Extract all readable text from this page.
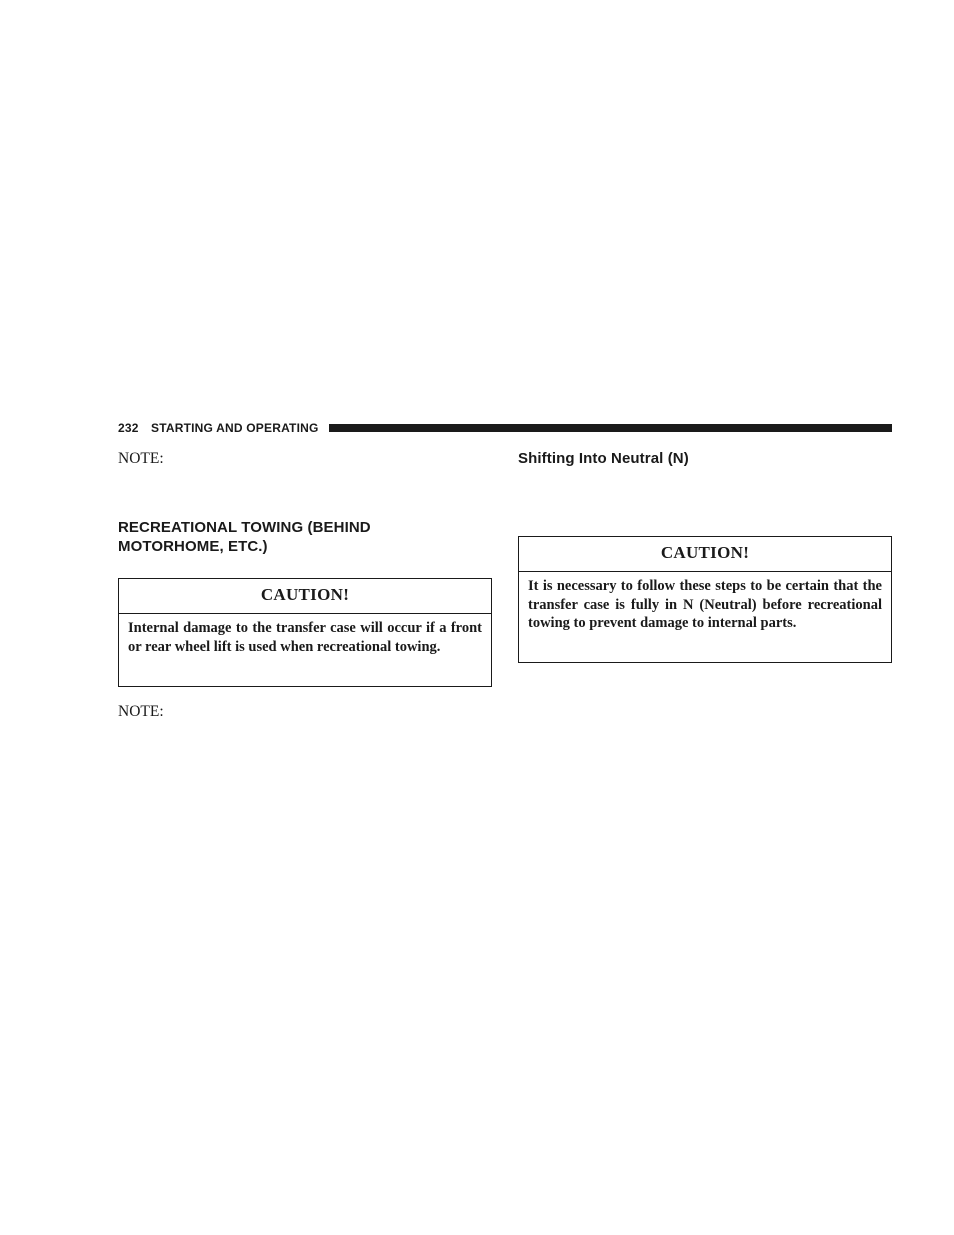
232 STARTING AND OPERATING
NOTE:
RECREATIONAL TOWING (BEHIND MOTORHOME, ETC.)
CAUTION!
Internal damage to the transfer case will occur if a front or rear wheel lift is used when recreational towing.
NOTE:
Shifting Into Neutral (N)
CAUTION!
It is necessary to follow these steps to be certain that the transfer case is fully in N (Neutral) before recreational towing to prevent damage to internal parts.
